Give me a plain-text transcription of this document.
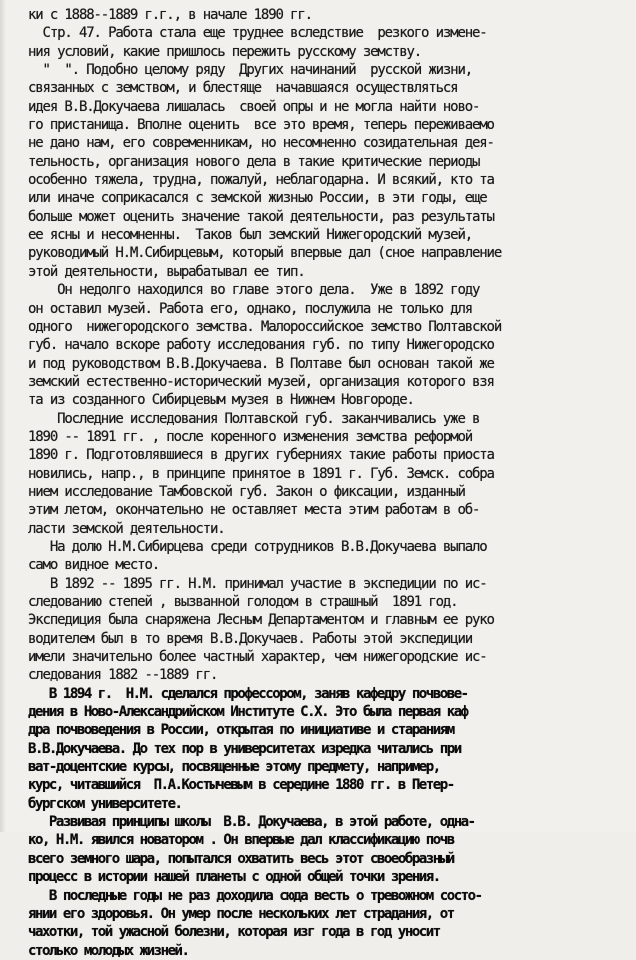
ки с 1888--1889 г.г., в начале 1890 гг.
Стр. 47. Работа стала еще труднее вследствие  резкого измене-
ния условий, какие пришлось пережить русскому земству.
"  ". Подобно целому ряду  Других начинаний  русской жизни,
связанных с земством, и блестяще  начавшаяся осуществляться
идея В.В.Докучаева лишалась  своей опры и не могла найти ново-
го пристанища. Вполне оценить  все это время, теперь переживаемо
не дано нам, его современникам, но несомненно созидательная дея-
тельность, организация нового дела в такие критические периоды
особенно тяжела, трудна, пожалуй, неблагодарна. И всякий, кто та
или иначе соприкасался с земской жизнью России, в эти годы, еще
больше может оценить значение такой деятельности, раз результаты
ее ясны и несомненны.  Таков был земский Нижегородский музей,
руководимый Н.М.Сибирцевым, который впервые дал (сное направление
этой деятельности, вырабатывал ее тип.
Он недолго находился во главе этого дела.  Уже в 1892 году
он оставил музей. Работа его, однако, послужила не только для
одного  нижегородского земства. Малороссийское земство Полтавской
губ. начало вскоре работу исследования губ. по типу Нижегородско
и под руководством В.В.Докучаева. В Полтаве был основан такой же
земский естественно-исторический музей, организация которого взя
та из созданного Сибирцевым музея в Нижнем Новгороде.
Последние исследования Полтавской губ. заканчивались уже в
1890 -- 1891 гг. , после коренного изменения земства реформой
1890 г. Подготовлявшиеся в других губерниях такие работы приоста
новились, напр., в принципе принятое в 1891 г. Губ. Земск. собра
нием исследование Тамбовской губ. Закон о фиксации, изданный
этим летом, окончательно не оставляет места этим работам в об-
ласти земской деятельности.
На долю Н.М.Сибирцева среди сотрудников В.В.Докучаева выпало
само видное место.
В 1892 -- 1895 гг. Н.М. принимал участие в экспедиции по ис-
следованию степей , вызванной голодом в страшный  1891 год.
Экспедиция была снаряжена Лесным Департаментом и главным ее руко
водителем был в то время В.В.Докучаев. Работы этой экспедиции
имели значительно более частный характер, чем нижегородские ис-
следования 1882 --1889 гг.
В 1894 г.  Н.М. сделался профессором, заняв кафедру почвове-
дения в Ново-Александрийском Институте С.Х. Это была первая каф
дра почвоведения в России, открытая по инициативе и стараниям
В.В.Докучаева. До тех пор в университетах изредка читались при
ват-доцентские курсы, посвященные этому предмету, например,
курс, читавшийся  П.А.Костычевым в середине 1880 гг. в Петер-
бургском университете.
Развивая принципы школы  В.В. Докучаева, в этой работе, одна-
ко, Н.М. явился новатором . Он впервые дал классификацию почв
всего земного шара, попытался охватить весь этот своеобразный
процесс в истории нашей планеты с одной общей точки зрения.
В последные годы не раз доходила сюда весть о тревожном состо-
янии его здоровья. Он умер после нескольких лет страдания, от
чахотки, той ужасной болезни, которая изг года в год уносит
столько молодых жизней.
